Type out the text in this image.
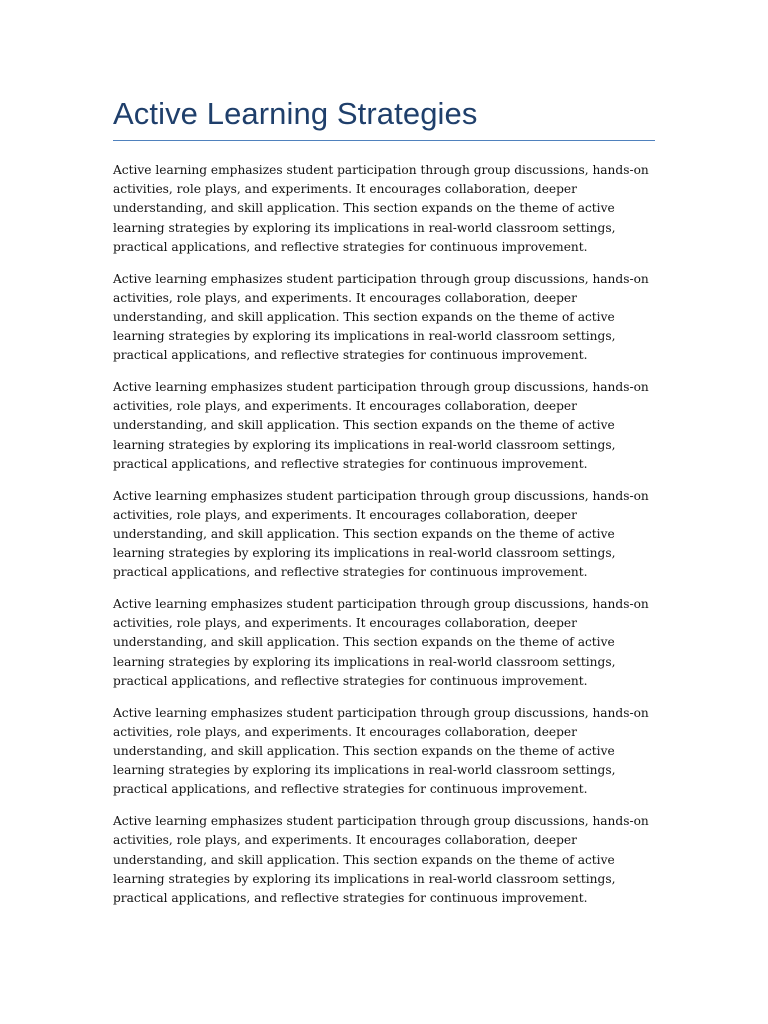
Active Learning Strategies

Active learning emphasizes student participation through group discussions, hands-on activities, role plays, and experiments. It encourages collaboration, deeper understanding, and skill application. This section expands on the theme of active learning strategies by exploring its implications in real-world classroom settings, practical applications, and reflective strategies for continuous improvement.

Active learning emphasizes student participation through group discussions, hands-on activities, role plays, and experiments. It encourages collaboration, deeper understanding, and skill application. This section expands on the theme of active learning strategies by exploring its implications in real-world classroom settings, practical applications, and reflective strategies for continuous improvement.

Active learning emphasizes student participation through group discussions, hands-on activities, role plays, and experiments. It encourages collaboration, deeper understanding, and skill application. This section expands on the theme of active learning strategies by exploring its implications in real-world classroom settings, practical applications, and reflective strategies for continuous improvement.

Active learning emphasizes student participation through group discussions, hands-on activities, role plays, and experiments. It encourages collaboration, deeper understanding, and skill application. This section expands on the theme of active learning strategies by exploring its implications in real-world classroom settings, practical applications, and reflective strategies for continuous improvement.

Active learning emphasizes student participation through group discussions, hands-on activities, role plays, and experiments. It encourages collaboration, deeper understanding, and skill application. This section expands on the theme of active learning strategies by exploring its implications in real-world classroom settings, practical applications, and reflective strategies for continuous improvement.

Active learning emphasizes student participation through group discussions, hands-on activities, role plays, and experiments. It encourages collaboration, deeper understanding, and skill application. This section expands on the theme of active learning strategies by exploring its implications in real-world classroom settings, practical applications, and reflective strategies for continuous improvement.

Active learning emphasizes student participation through group discussions, hands-on activities, role plays, and experiments. It encourages collaboration, deeper understanding, and skill application. This section expands on the theme of active learning strategies by exploring its implications in real-world classroom settings, practical applications, and reflective strategies for continuous improvement.
